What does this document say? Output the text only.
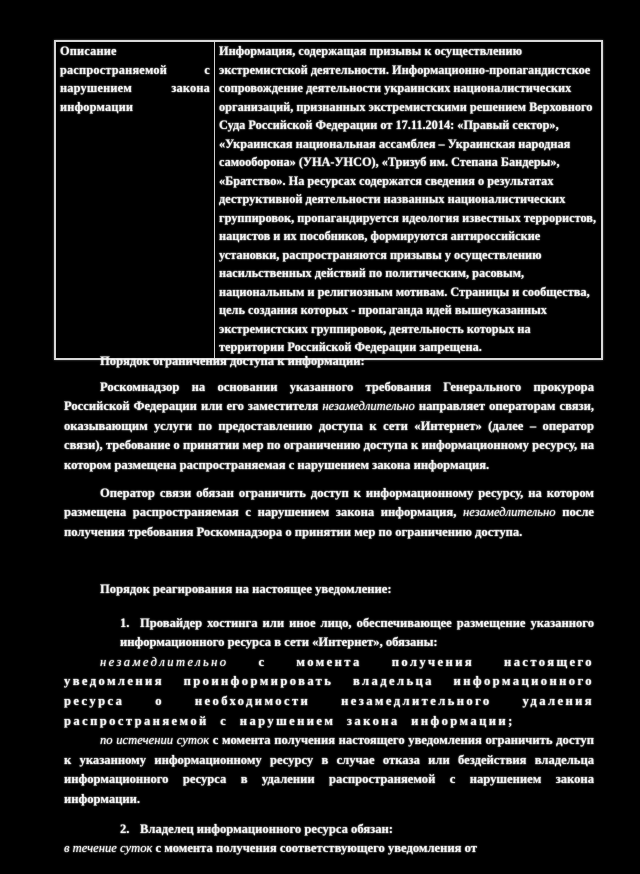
Описание распространяемой с нарушением закона информации	Информация, содержащая призывы к осуществлению экстремистской деятельности. Информационно-пропагандистское сопровождение деятельности украинских националистических организаций, признанных экстремистскими решением Верховного Суда Российской Федерации от 17.11.2014: «Правый сектор», «Украинская национальная ассамблея – Украинская народная самооборона» (УНА-УНСО), «Тризуб им. Степана Бандеры», «Братство». На ресурсах содержатся сведения о результатах деструктивной деятельности названных националистических группировок, пропагандируется идеология известных террористов, нацистов и их пособников, формируются антироссийские установки, распространяются призывы у осуществлению насильственных действий по политическим, расовым, национальным и религиозным мотивам. Страницы и сообщества, цель создания которых - пропаганда идей вышеуказанных экстремистских группировок, деятельность которых на территории Российской Федерации запрещена.
Порядок ограничения доступа к информации:

Роскомнадзор на основании указанного требования Генерального прокурора Российской Федерации или его заместителя незамедлительно направляет операторам связи, оказывающим услуги по предоставлению доступа к сети «Интернет» (далее – оператор связи), требование о принятии мер по ограничению доступа к информационному ресурсу, на котором размещена распространяемая с нарушением закона информация.

Оператор связи обязан ограничить доступ к информационному ресурсу, на котором размещена распространяемая с нарушением закона информация, незамедлительно после получения требования Роскомнадзора о принятии мер по ограничению доступа.

Порядок реагирования на настоящее уведомление:
1. Провайдер хостинга или иное лицо, обеспечивающее размещение указанного информационного ресурса в сети «Интернет», обязаны:

незамедлительно с момента получения настоящего уведомления проинформировать владельца информационного ресурса о необходимости незамедлительного удаления распространяемой с нарушением закона информации;

по истечении суток с момента получения настоящего уведомления ограничить доступ к указанному информационному ресурсу в случае отказа или бездействия владельца информационного ресурса в удалении распространяемой с нарушением закона информации.

2. Владелец информационного ресурса обязан:

в течение суток с момента получения соответствующего уведомления от
